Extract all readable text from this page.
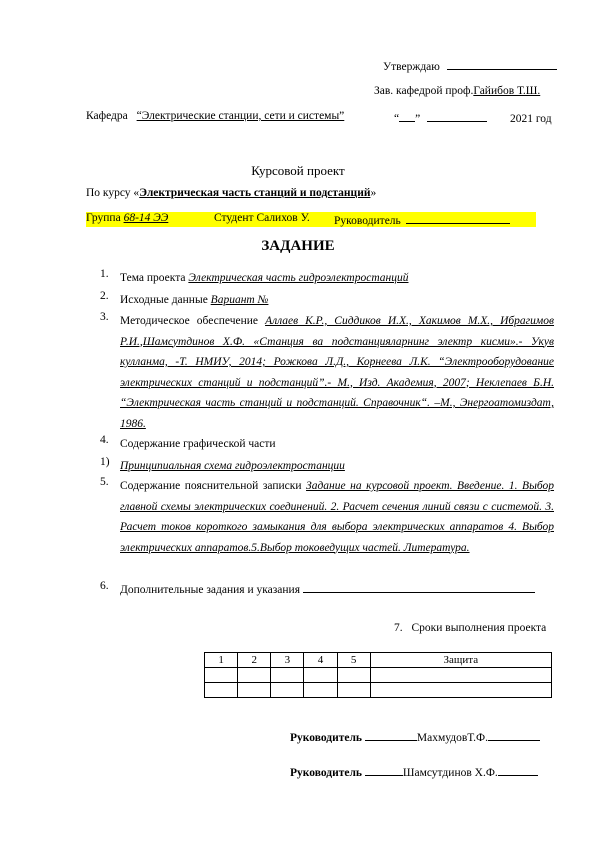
Утверждаю
Зав. кафедрой проф.Гайибов Т.Ш.
Кафедра “Электрические станции, сети и системы”	“ ”	2021 год
Курсовой проект
По курсу «Электрическая часть станций и подстанций»
Группа 68-14 ЭЭ	Студент Салихов У. Руководитель
ЗАДАНИЕ
1. Тема проекта Электрическая часть гидроэлектростанций
2. Исходные данные Варианm №
3. Методическое обеспечение Аллаев К.Р., Сиддиков И.Х., Хакимов М.Х., Ибрагимов Р.И.,Шамсутдинов Х.Ф. «Станция ва подстанцияларнинг электр кисми».- Укув кулланма, -Т. НМИУ, 2014; Рожкова Л.Д., Корнеева Л.К. “Электрооборудование электрических станций и подстанций”.- М., Изд. Академия, 2007; Неклепаев Б.Н. “Электрическая часть станций и подстанций. Справочник“. –М., Энергоатомиздат, 1986.
4. Содержание графической части
1) Принципиальная схема гидроэлектростанции
5. Содержание пояснительной записки Задание на курсовой проект. Введение. 1. Выбор главной схемы электрических соединений. 2. Расчет сечения линий связи с системой. 3. Расчет токов короткого замыкания для выбора электрических аппаратов 4. Выбор электрических аппаратов.5.Выбор токоведущих частей. Литература.
6. Дополнительные задания и указания
7. Сроки выполнения проекта
1	2	3	4	5	Защита

Руководитель	МахмудовТ.Ф.
Руководитель	Шамсутдинов Х.Ф.
